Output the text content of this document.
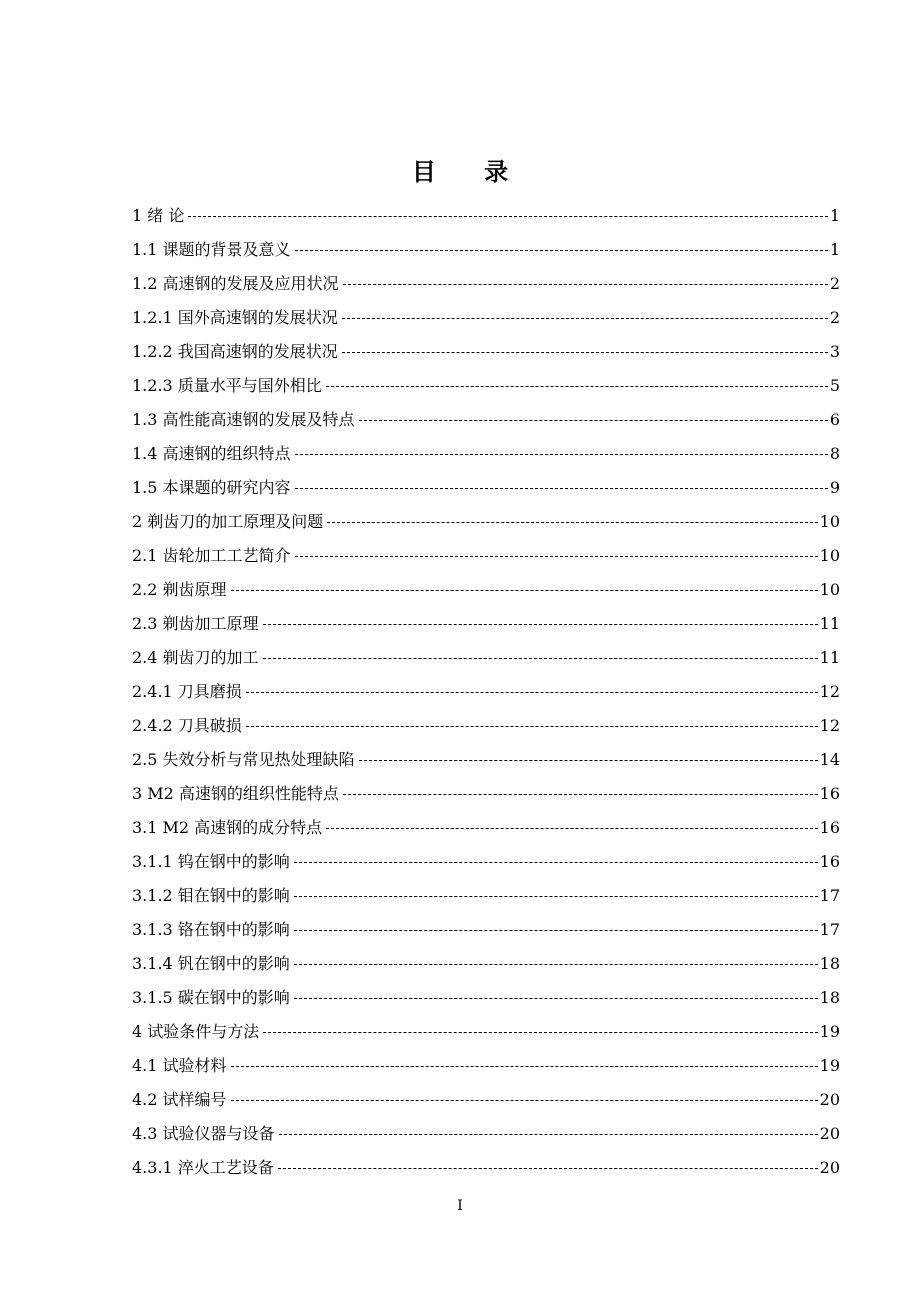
目 录
1 绪 论	1
1.1 课题的背景及意义	1
1.2 高速钢的发展及应用状况	2
1.2.1 国外高速钢的发展状况	2
1.2.2 我国高速钢的发展状况	3
1.2.3 质量水平与国外相比	5
1.3 高性能高速钢的发展及特点	6
1.4 高速钢的组织特点	8
1.5 本课题的研究内容	9
2 剃齿刀的加工原理及问题	10
2.1 齿轮加工工艺简介	10
2.2 剃齿原理	10
2.3 剃齿加工原理	11
2.4 剃齿刀的加工	11
2.4.1 刀具磨损	12
2.4.2 刀具破损	12
2.5 失效分析与常见热处理缺陷	14
3 M2 高速钢的组织性能特点	16
3.1 M2 高速钢的成分特点	16
3.1.1 钨在钢中的影响	16
3.1.2 钼在钢中的影响	17
3.1.3 铬在钢中的影响	17
3.1.4 钒在钢中的影响	18
3.1.5 碳在钢中的影响	18
4 试验条件与方法	19
4.1 试验材料	19
4.2 试样编号	20
4.3 试验仪器与设备	20
4.3.1 淬火工艺设备	20
I
